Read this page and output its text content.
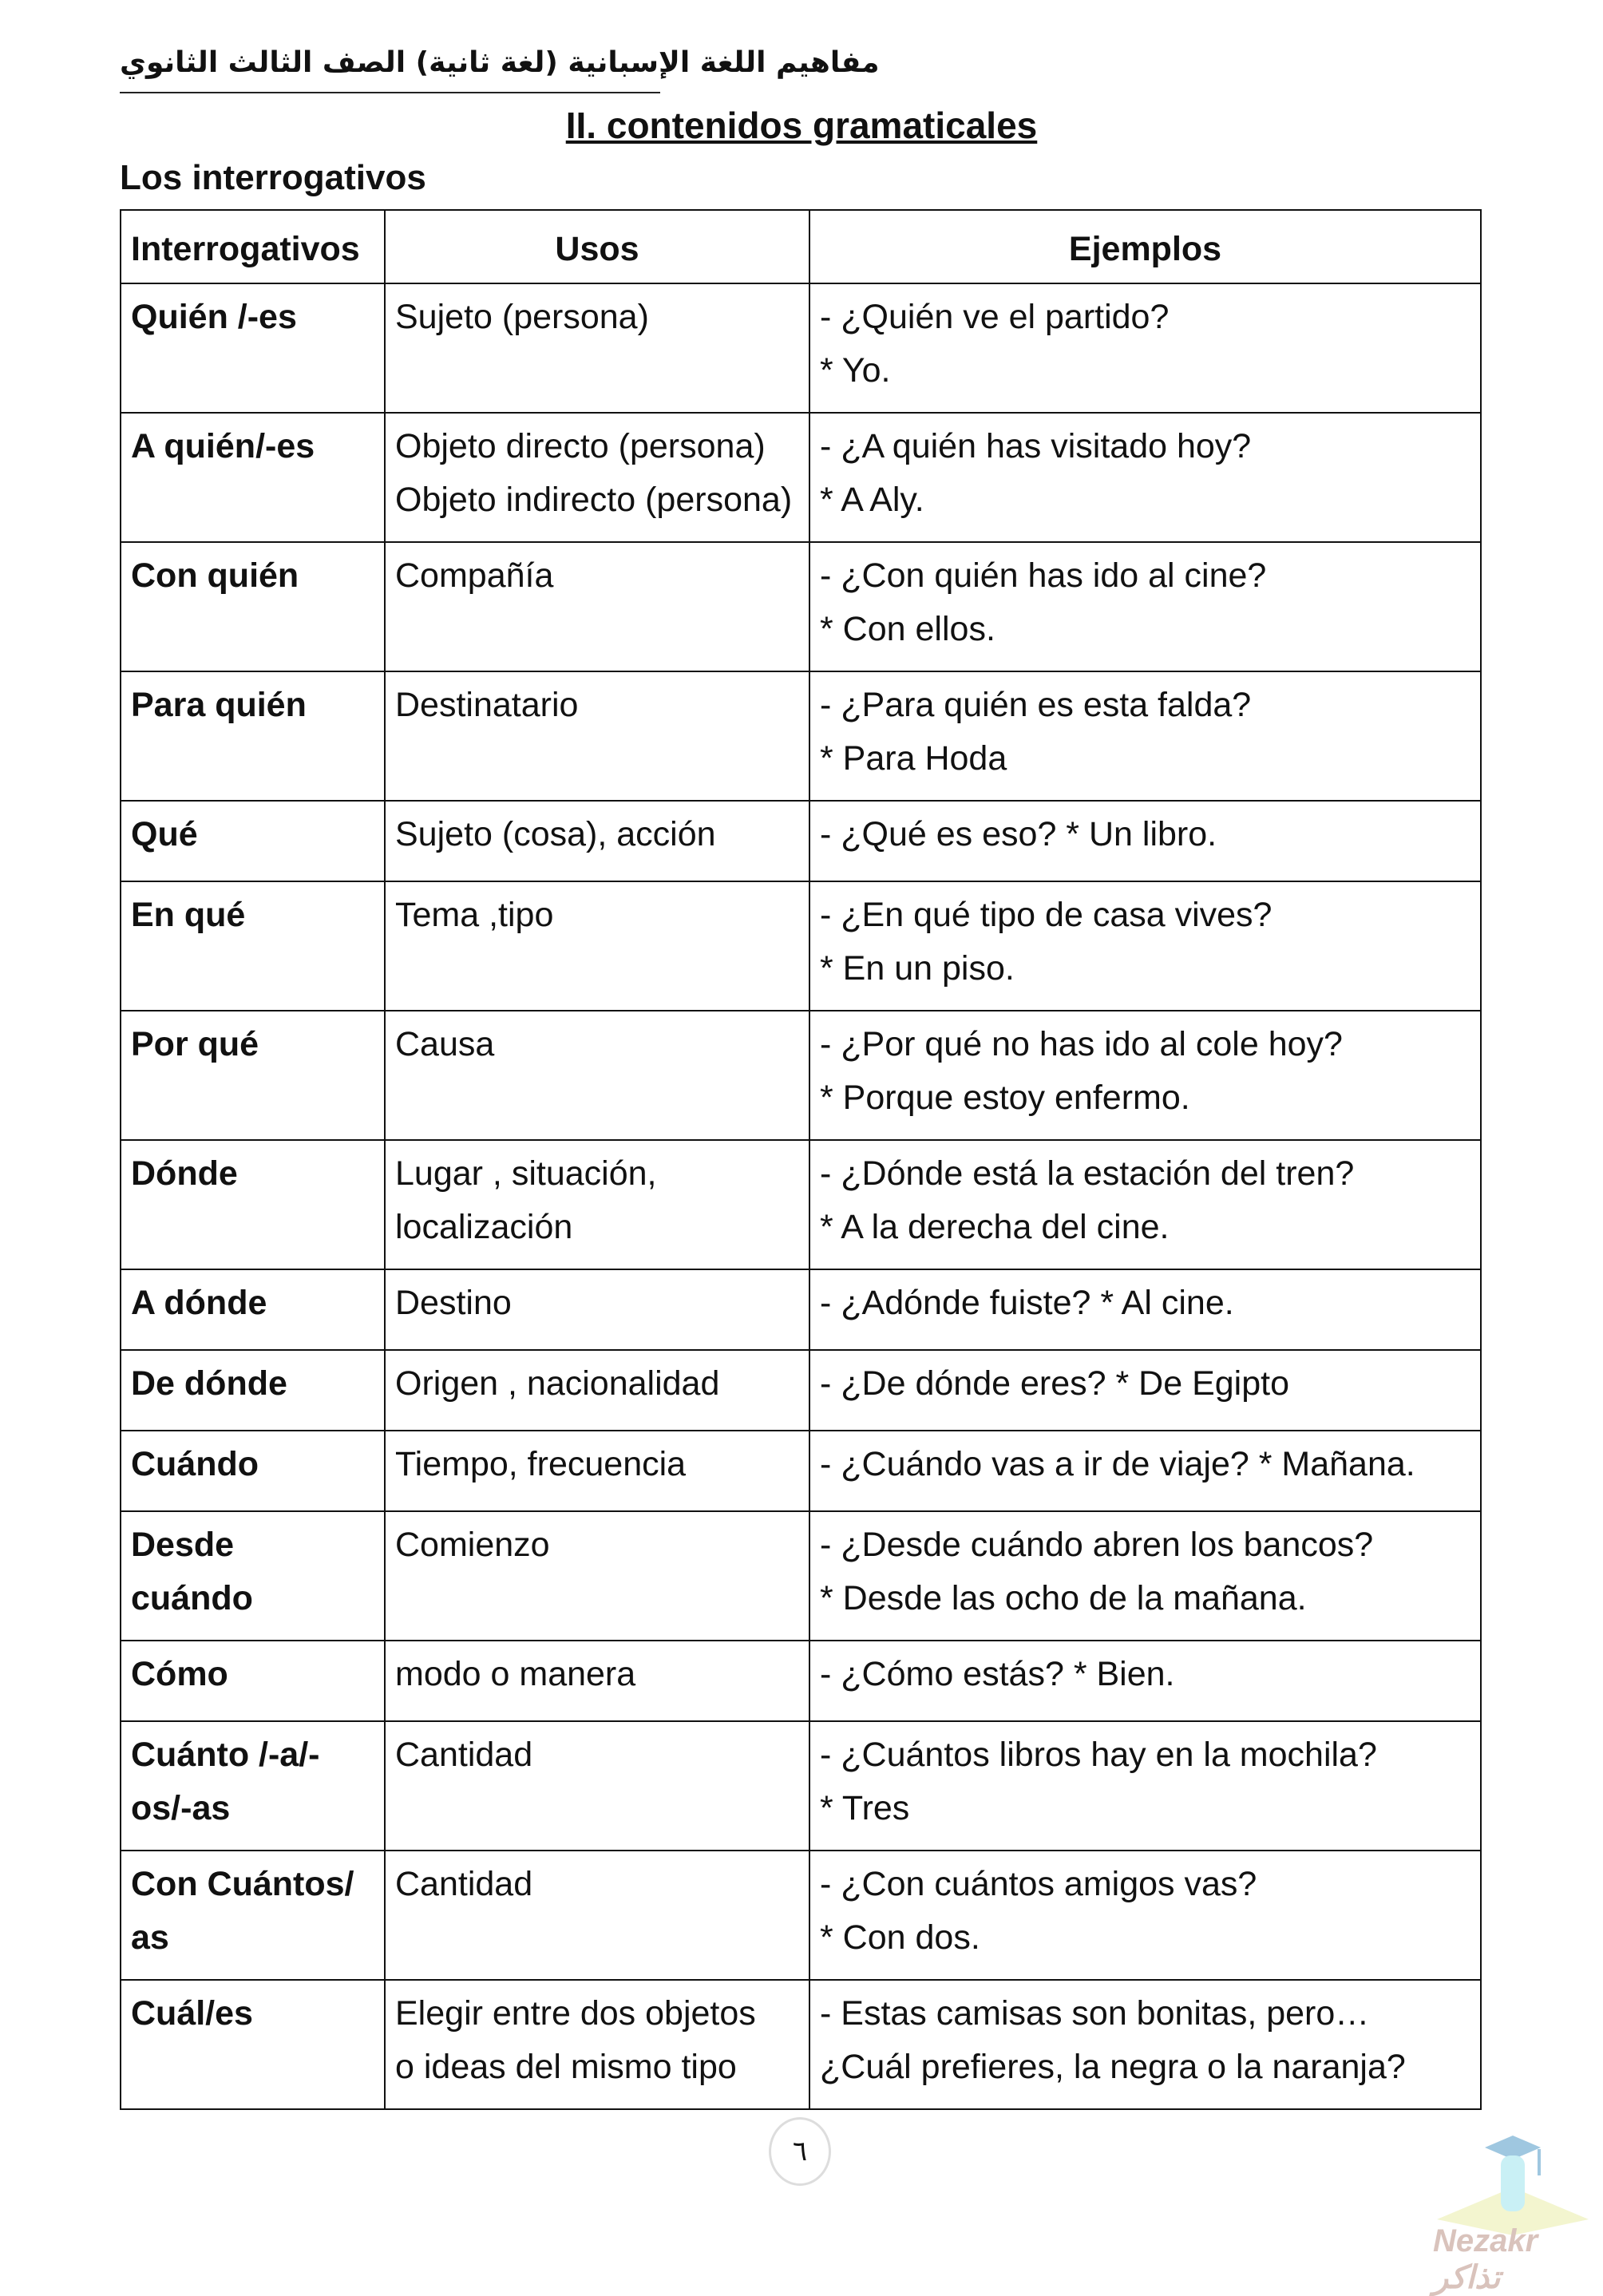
مفاهيم اللغة الإسبانية (لغة ثانية) الصف الثالث الثانوي
II. contenidos gramaticales
Los interrogativos
Interrogativos	Usos	Ejemplos

Quién /-es	Sujeto (persona)	- ¿Quién ve el partido?
* Yo.

A quién/-es	Objeto directo (persona)
Objeto indirecto (persona)	- ¿A quién has visitado hoy?
* A Aly.

Con quién	Compañía	- ¿Con quién has ido al cine?
* Con ellos.

Para quién	Destinatario	- ¿Para quién es esta falda?
* Para Hoda

Qué	Sujeto (cosa), acción	- ¿Qué es eso? * Un libro.

En qué	Tema ,tipo	- ¿En qué tipo de casa vives?
* En un piso.

Por qué	Causa	- ¿Por qué no has ido al cole hoy?
* Porque estoy enfermo.

Dónde	Lugar , situación,
localización	- ¿Dónde está la estación del tren?
* A la derecha del cine.

A dónde	Destino	- ¿Adónde fuiste? * Al cine.

De dónde	Origen , nacionalidad	- ¿De dónde eres? * De Egipto

Cuándo	Tiempo, frecuencia	- ¿Cuándo vas a ir de viaje? * Mañana.

Desde
cuándo	Comienzo	- ¿Desde cuándo abren los bancos?
* Desde las ocho de la mañana.

Cómo	modo o manera	- ¿Cómo estás? * Bien.

Cuánto /-a/-
os/-as	Cantidad	- ¿Cuántos libros hay en la mochila?
* Tres

Con Cuántos/
as	Cantidad	- ¿Con cuántos amigos vas?
* Con dos.

Cuál/es	Elegir entre dos objetos
o ideas del mismo tipo	- Estas camisas son bonitas, pero…
¿Cuál prefieres, la negra o la naranja?
٦
Nezakr تذاكر
